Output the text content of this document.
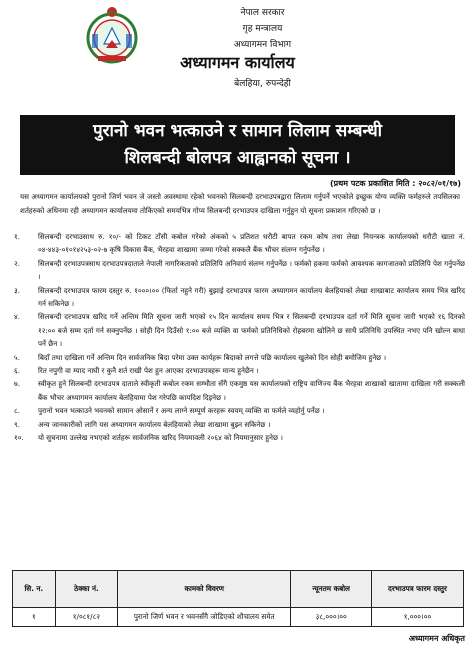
नेपाल सरकार
गृह मन्त्रालय
अध्यागमन विभाग
अध्यागमन कार्यालय
बेलहिया, रुपन्देही
पुरानो भवन भत्काउने र सामान लिलाम सम्बन्धी
शिलबन्दी बोलपत्र आह्वानको सूचना ।
(प्रथम पटक प्रकाशित मिति : २०८२/०१/१७)
यस अध्यागमन कार्यालयको पुरानो जिर्ण भवन जे जस्तो अवस्थामा रहेको भवनको सिलबन्दी दरभाउपत्रद्वारा लिलाम गर्नुपर्ने भएकोले इच्छुक योग्य व्यक्ति फर्महरुले तपसिलका शर्तहरुको अधिनमा रही अध्यागमन कार्यालयमा तोकिएको समयभित्र गोप्य सिलबन्दी दरभाउपत्र दाखिला गर्नुहुन यो सूचना प्रकाशन गरिएको छ ।
१.	सिलबन्दी दरभाउसाथ रु. १०/- को टिकट टाँसी कबोल गरेको अंकको ५ प्रतिशत धरौटी बापत रकम कोष तथा लेखा नियन्त्रक कार्यालयको धरौटी खाता नं. ०४-४४३-०१०१४२५३-०२-७ कृषि विकास बैंक, भैरहवा शाखामा जम्मा गरेको सक्कलै बैंक भौचर संलग्न गर्नुपर्नेछ ।
२.	सिलबन्दी दरभाउपत्रसाथ दरभाउपत्रदाताले नेपाली नागरिकताको प्रतिलिपि अनिवार्य संलग्न गर्नुपर्नेछ । फर्मको हकमा फर्मको आवश्यक कागजातको प्रतिलिपि पेश गर्नुपर्नेछ ।
३.	सिलबन्दी दरभाउपत्र फारम दस्तुर रु. १०००।०० (फिर्ता नहुने गरी) बुझाई दरभाउपत्र फारम अध्यागमन कार्यालय बेलहियाको लेखा शाखाबाट कार्यालय समय भित्र खरिद गर्न सकिनेछ ।
४.	सिलबन्दी दरभाउपत्र खरिद गर्ने अन्तिम मिति सूचना जारी भएको १५ दिन कार्यालय समय भित्र र सिलबन्दी दरभाउपत्र दर्ता गर्ने मिति सूचना जारी भएको १६ दिनको १२:०० बजे सम्म दर्ता गर्न सक्नुपर्नेछ । सोही दिन दिउँसो १:०० बजे व्यक्ति वा फर्मको प्रतिनिधिको रोहबरमा खोलिने छ साथै प्रतिनिधि उपस्थित नभए पनि खोल्न बाधा पर्ने छैन ।
५.	बिदाँ तथा दाखिला गर्ने अन्तिम दिन सार्वजनिक बिदा परेमा उक्त कार्यहरू बिदाको लगत्ते पछि कार्यालय खुलेको दिन सोही बमोजिम हुनेछ ।
६.	रित नपुगी वा म्याद नाघी र कुनै शर्त राखी पेश हुन आएका दरभाउपत्रहरू मान्य हुनेछैन ।
७.	स्वीकृत हुने सिलबन्दी दरभाउपत्र दाताले स्वीकृती कबोल रकम सम्भौता सँगै एकमुष्ठ यस कार्यालयको राष्ट्रिय वाणिज्य बैंक भैरहवा शाखाको खातामा दाखिला गरी सक्कली बैंक भौचर अध्यागमन कार्यालय बेलहियामा पेश गरेपछि कायदिश दिइनेछ ।
८.	पुरानो भवन भत्काउने भवनको सामान ओसार्ने र अन्य लाग्ने सम्पूर्ण करहरू स्वयम् व्यक्ति वा फर्मले व्यहोर्नु पर्नेछ ।
९.	अन्य जानकारीको लागि यस अध्यागमन कार्यालय बेलहियाको लेखा शाखामा बुझ्न सकिनेछ ।
१०.	यो सुचनामा उल्लेख नभएको शर्तहरू सार्वजनिक खरिद नियमावली २०६४ को नियमानुसार हुनेछ ।
सि. न.	ठेक्का नं.	कामको विवरण	न्यूनतम कबोल	दरभाउपत्र फारम दस्तुर
१	१/०८१/८२	पुरानो जिर्ण भवन र भवनसँगै जोडिएको शौचालय समेत	३८,०००।००	१,०००।००
अध्यागमन अधिकृत
